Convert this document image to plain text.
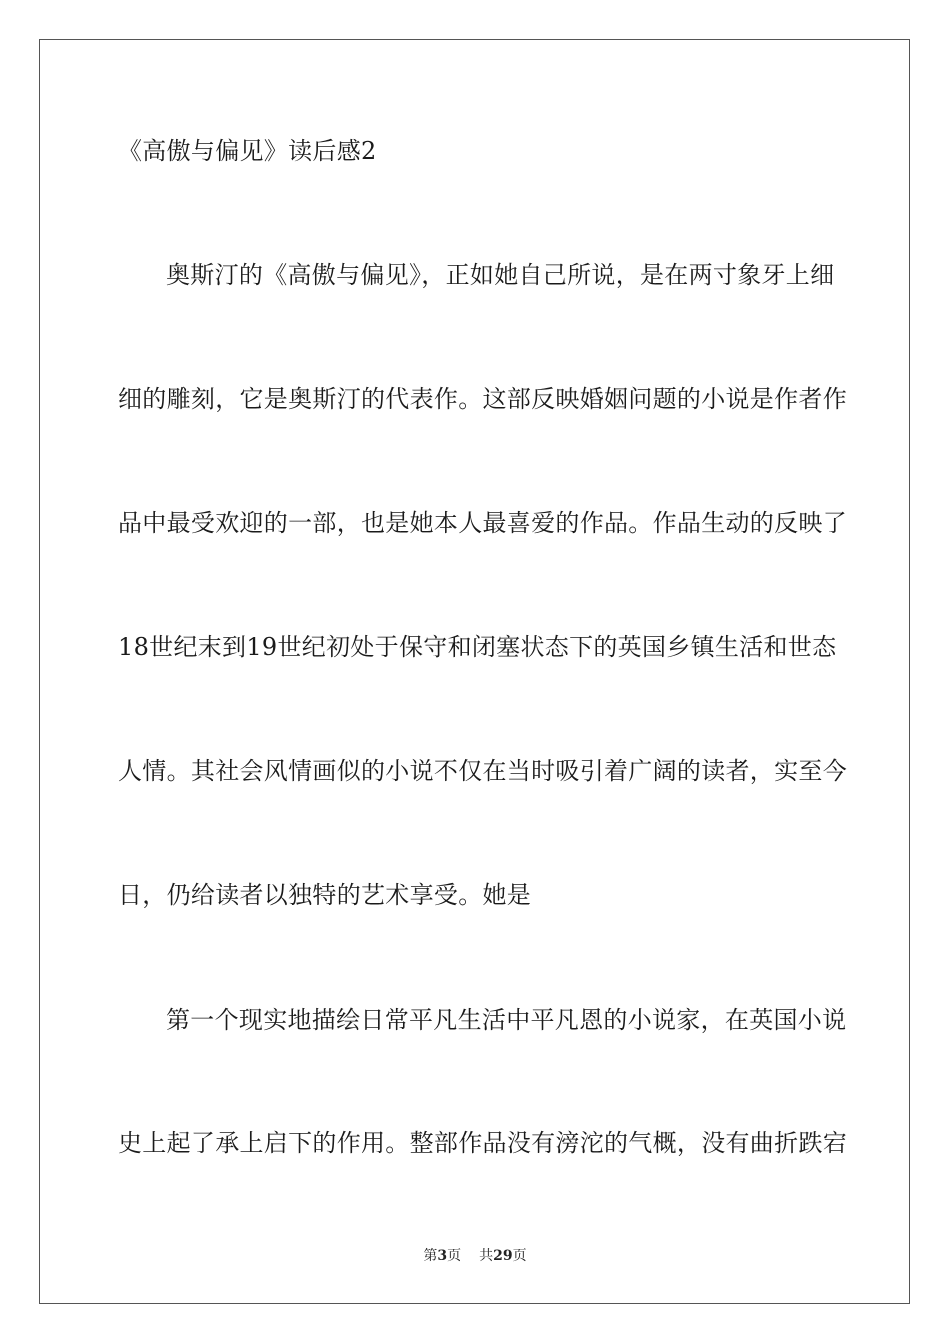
《高傲与偏见》读后感2
奥斯汀的《高傲与偏见》，正如她自己所说，是在两寸象牙上细
细的雕刻，它是奥斯汀的代表作。这部反映婚姻问题的小说是作者作
品中最受欢迎的一部，也是她本人最喜爱的作品。作品生动的反映了
18世纪末到19世纪初处于保守和闭塞状态下的英国乡镇生活和世态
人情。其社会风情画似的小说不仅在当时吸引着广阔的读者，实至今
日，仍给读者以独特的艺术享受。她是
第一个现实地描绘日常平凡生活中平凡恩的小说家，在英国小说
史上起了承上启下的作用。整部作品没有滂沱的气概，没有曲折跌宕
第3页 共29页
